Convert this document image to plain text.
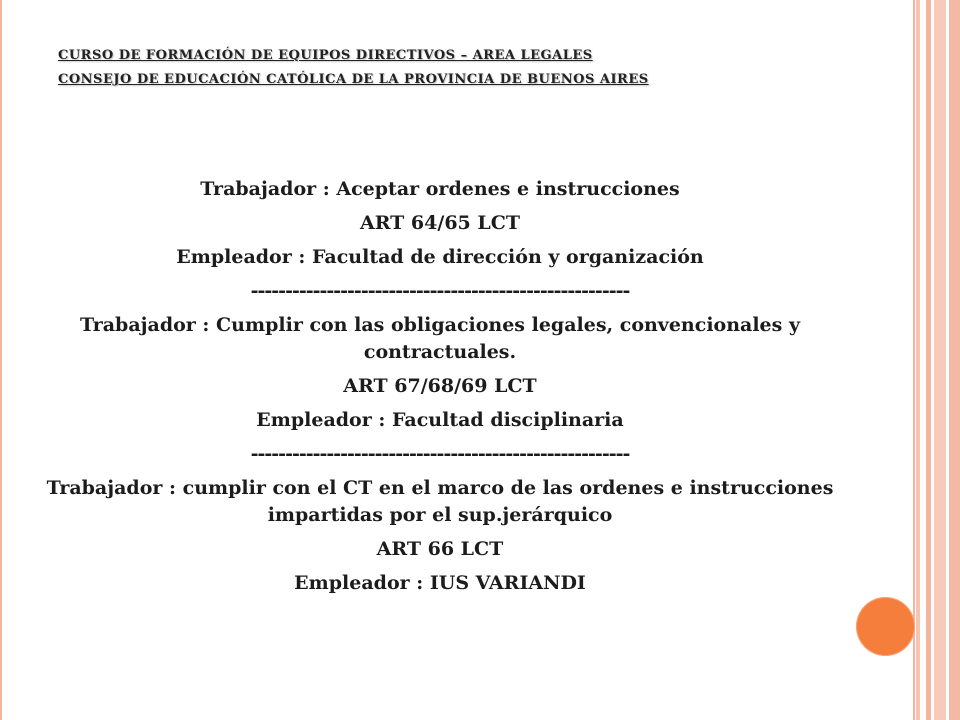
CURSO DE FORMACIÓN DE EQUIPOS DIRECTIVOS – AREA LEGALES
CONSEJO DE EDUCACIÓN CATÓLICA DE LA PROVINCIA DE BUENOS AIRES

Trabajador : Aceptar ordenes e instrucciones

ART 64/65 LCT

Empleador : Facultad de dirección y organización

-------------------------------------------------------

Trabajador : Cumplir con las obligaciones legales, convencionales y contractuales.

ART 67/68/69 LCT

Empleador : Facultad disciplinaria

-------------------------------------------------------

Trabajador : cumplir con el CT en el marco de las ordenes e instrucciones impartidas por el sup.jerárquico

ART 66 LCT

Empleador : IUS VARIANDI
